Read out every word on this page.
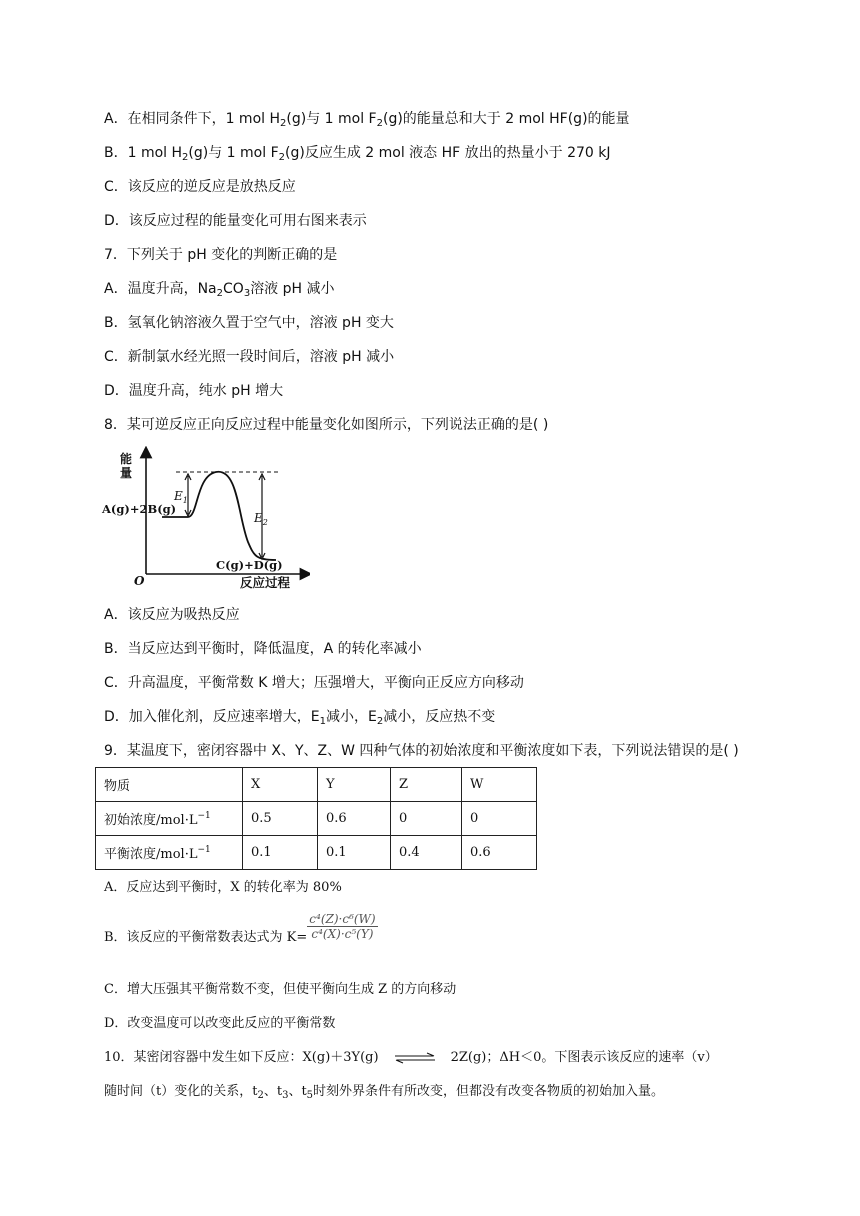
A．在相同条件下，1 mol $H_2(g)$与 1 mol $F_2(g)$的能量总和大于 2 mol HF(g)的能量
B．1 mol $H_2(g)$与 1 mol $F_2(g)$反应生成 2 mol 液态 HF 放出的热量小于 270 kJ
C．该反应的逆反应是放热反应
D．该反应过程的能量变化可用右图来表示
7．下列关于 pH 变化的判断正确的是
A．温度升高，$Na_2CO_3$溶液 pH 减小
B．氢氧化钠溶液久置于空气中，溶液 pH 变大
C．新制氯水经光照一段时间后，溶液 pH 减小
D．温度升高，纯水 pH 增大
8．某可逆反应正向反应过程中能量变化如图所示，下列说法正确的是( )
能量
O
A(g)+2B(g)
C(g)+D(g)
反应过程
$E_1$
$E_2$
A．该反应为吸热反应
B．当反应达到平衡时，降低温度，A 的转化率减小
C．升高温度，平衡常数 K 增大；压强增大，平衡向正反应方向移动
D．加入催化剂，反应速率增大，$E_1$减小，$E_2$减小，反应热不变
9．某温度下，密闭容器中 X、Y、Z、W 四种气体的初始浓度和平衡浓度如下表，下列说法错误的是( )
物质	X	Y	Z	W
初始浓度$/mol\cdot L^{-1}$	0.5	0.6	0	0
平衡浓度$/mol\cdot L^{-1}$	0.1	0.1	0.4	0.6
A．反应达到平衡时，X 的转化率为 80%
B．该反应的平衡常数表达式为 $K= \frac{\text{c⁴(Z)·c⁶(W)}}{\text{c⁴(X)·c⁵(Y)}}$
C．增大压强其平衡常数不变，但使平衡向生成 Z 的方向移动
D．改变温度可以改变此反应的平衡常数
10．某密闭容器中发生如下反应：X(g)＋3Y(g) ⇌ 2Z(g)；ΔH＜0。下图表示该反应的速率（v）
随时间（t）变化的关系，$t_2$、$t_3$、$t_5$时刻外界条件有所改变，但都没有改变各物质的初始加入量。
